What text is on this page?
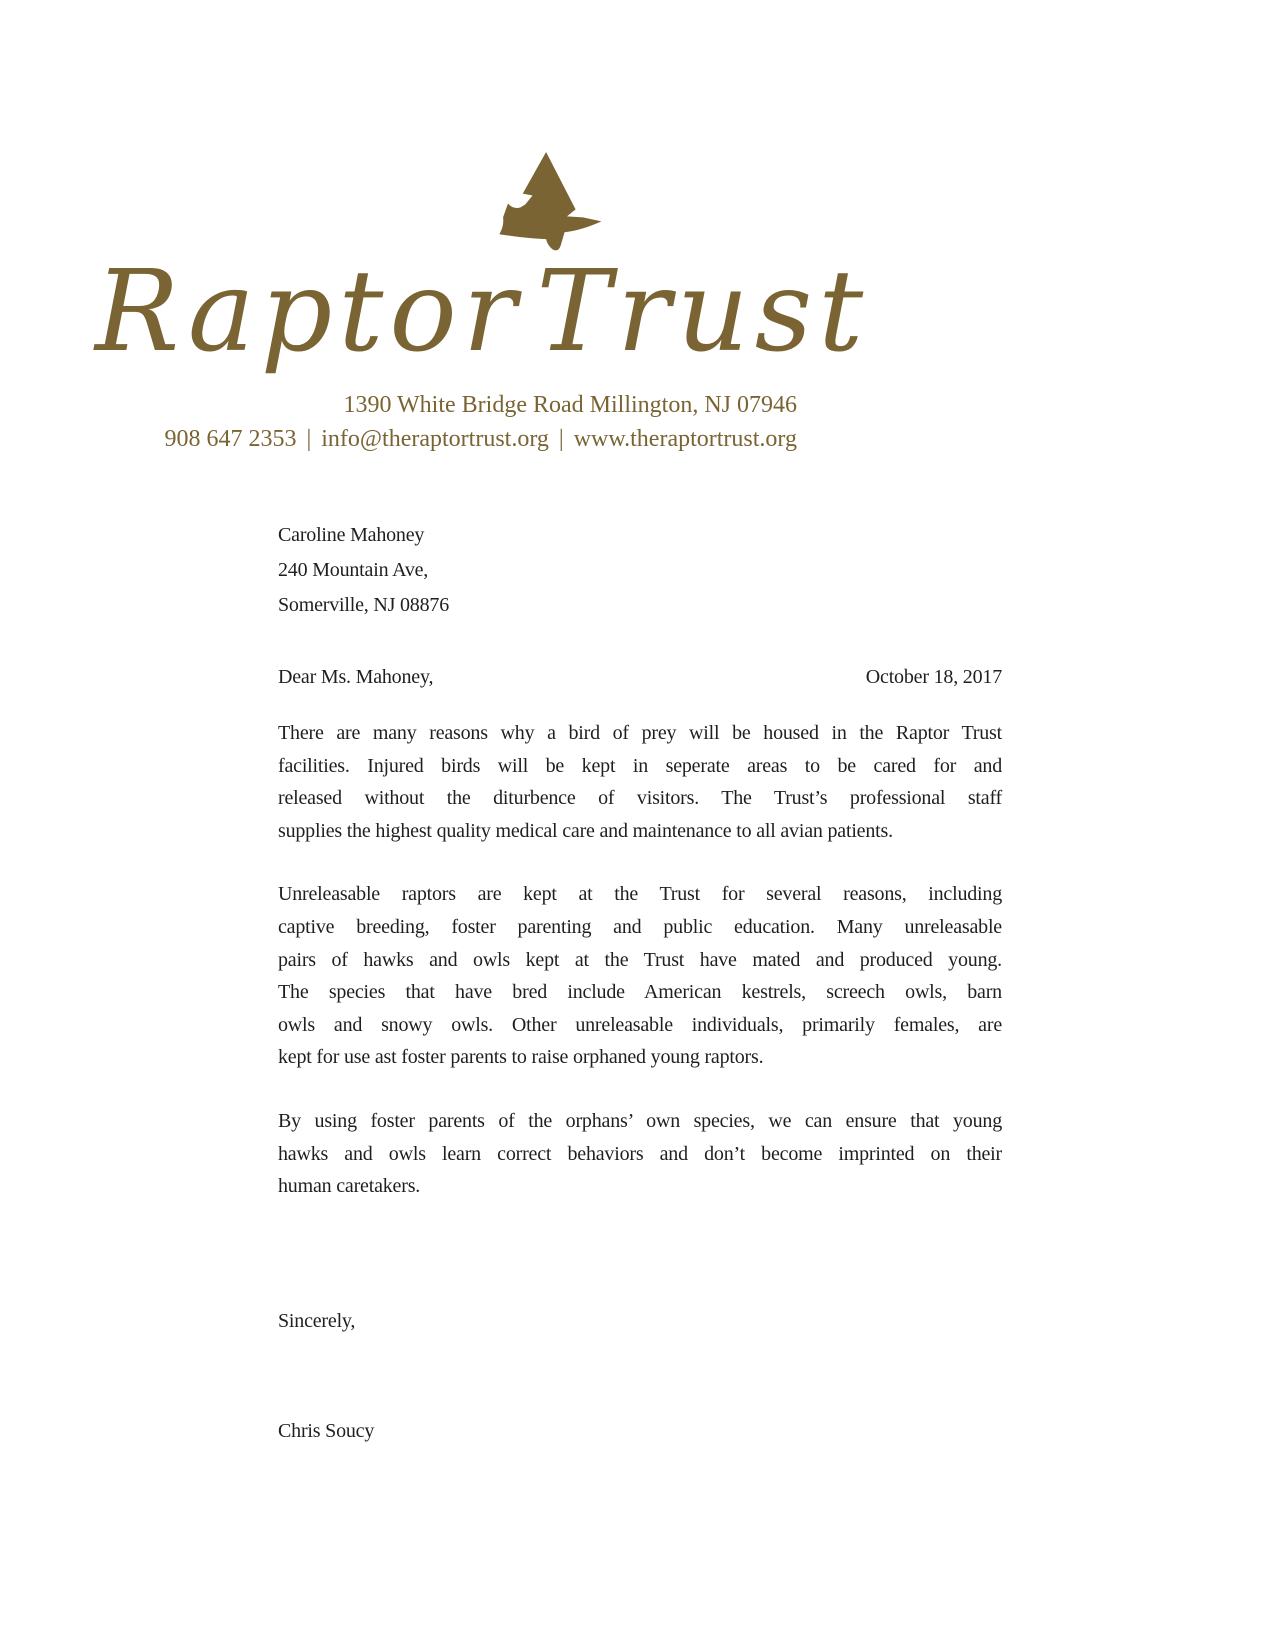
Raptor Trust
1390 White Bridge Road Millington, NJ 07946
908 647 2353 | info@theraptortrust.org | www.theraptortrust.org
Caroline Mahoney
240 Mountain Ave,
Somerville, NJ 08876
Dear Ms. Mahoney,	October 18, 2017

There are many reasons why a bird of prey will be housed in the Raptor Trust
facilities. Injured birds will be kept in seperate areas to be cared for and
released without the diturbence of visitors. The Trust’s professional staff
supplies the highest quality medical care and maintenance to all avian patients.

Unreleasable raptors are kept at the Trust for several reasons, including
captive breeding, foster parenting and public education. Many unreleasable
pairs of hawks and owls kept at the Trust have mated and produced young.
The species that have bred include American kestrels, screech owls, barn
owls and snowy owls. Other unreleasable individuals, primarily females, are
kept for use ast foster parents to raise orphaned young raptors.

By using foster parents of the orphans’ own species, we can ensure that young
hawks and owls learn correct behaviors and don’t become imprinted on their
human caretakers.

Sincerely,
Chris Soucy
